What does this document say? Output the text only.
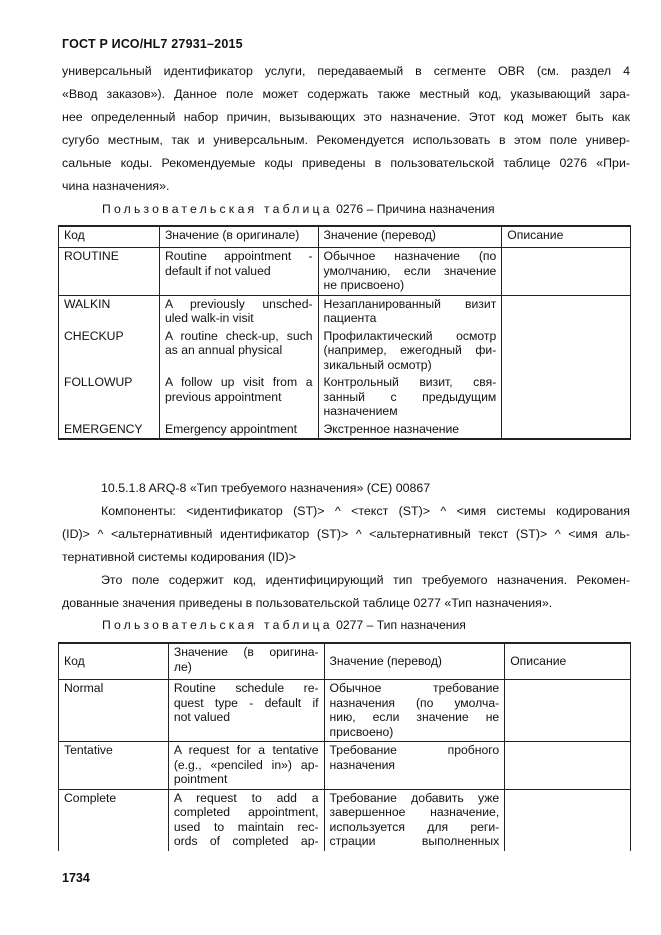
ГОСТ Р ИСО/HL7 27931–2015
универсальный идентификатор услуги, передаваемый в сегменте OBR (см. раздел 4
«Ввод заказов»). Данное поле может содержать также местный код, указывающий зара-
нее определенный набор причин, вызывающих это назначение. Этот код может быть как
сугубо местным, так и универсальным. Рекомендуется использовать в этом поле универ-
сальные коды. Рекомендуемые коды приведены в пользовательской таблице 0276 «При-
чина назначения».
Пользовательская таблица 0276 – Причина назначения
Код	Значение (в оригинале)	Значение (перевод)	Описание
ROUTINE	Routine appointment -
default if not valued	Обычное назначение (по
умолчанию, если значение
не присвоено)	

WALKIN	A previously unsched-
uled walk-in visit	Незапланированный визит
пациента	

CHECKUP	A routine check-up, such
as an annual physical	Профилактический осмотр
(например, ежегодный фи-
зикальный осмотр)	

FOLLOWUP	A follow up visit from a
previous appointment	Контрольный визит, свя-
занный с предыдущим
назначением	

EMERGENCY	Emergency appointment	Экстренное назначение	

10.5.1.8 ARQ-8 «Тип требуемого назначения» (CE) 00867
Компоненты: <идентификатор (ST)> ^ <текст (ST)> ^ <имя системы кодирования
(ID)> ^ <альтернативный идентификатор (ST)> ^ <альтернативный текст (ST)> ^ <имя аль-
тернативной системы кодирования (ID)>
Это поле содержит код, идентифицирующий тип требуемого назначения. Рекомен-
дованные значения приведены в пользовательской таблице 0277 «Тип назначения».
Пользовательская таблица 0277 – Тип назначения
Код	Значение (в оригина-
ле)	Значение (перевод)	Описание
Normal	Routine schedule re-
quest type - default if
not valued	Обычное требование
назначения (по умолча-
нию, если значение не
присвоено)	

Tentative	A request for a tentative
(e.g., «penciled in») ap-
pointment	Требование пробного
назначения	

Complete	A request to add a
completed appointment,
used to maintain rec-
ords of completed ap-	Требование добавить уже
завершенное назначение,
используется для реги-
страции выполненных	

1734
